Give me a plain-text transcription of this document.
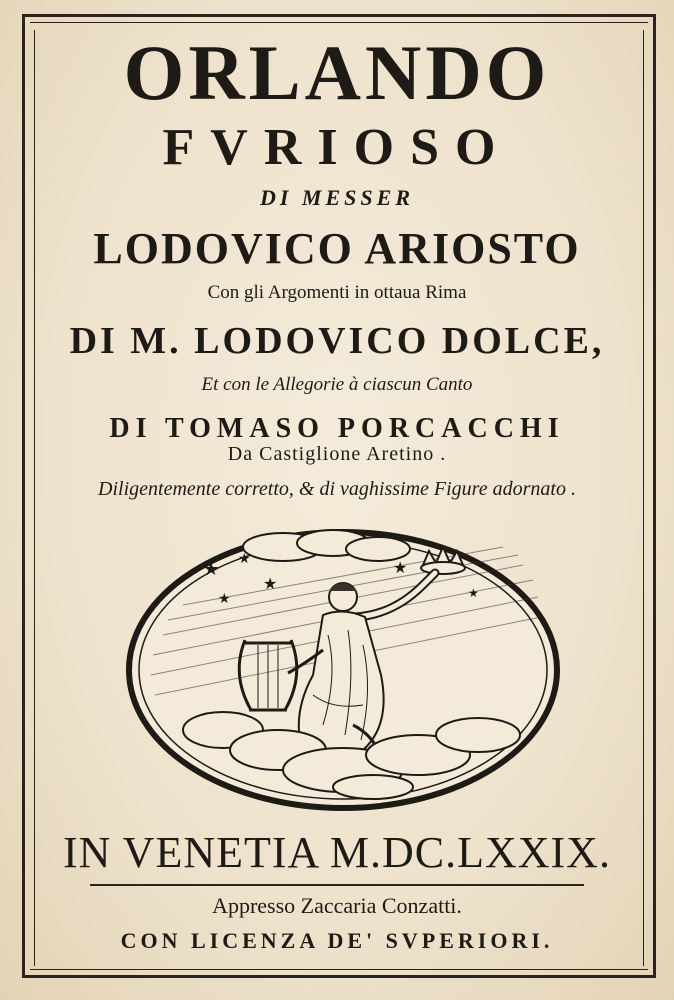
ORLANDO
FVRIOSO
DI MESSER
LODOVICO ARIOSTO
Con gli Argomenti in ottaua Rima
DI M. LODOVICO DOLCE,
Et con le Allegorie à ciascun Canto
DI TOMASO PORCACCHI
Da Castiglione Aretino .
Diligentemente corretto, & di vaghissime Figure adornato .
★ ★
★
★
★
★
IN VENETIA M.DC.LXXIX.
Appresso Zaccaria Conzatti.
CON LICENZA DE' SVPERIORI.
